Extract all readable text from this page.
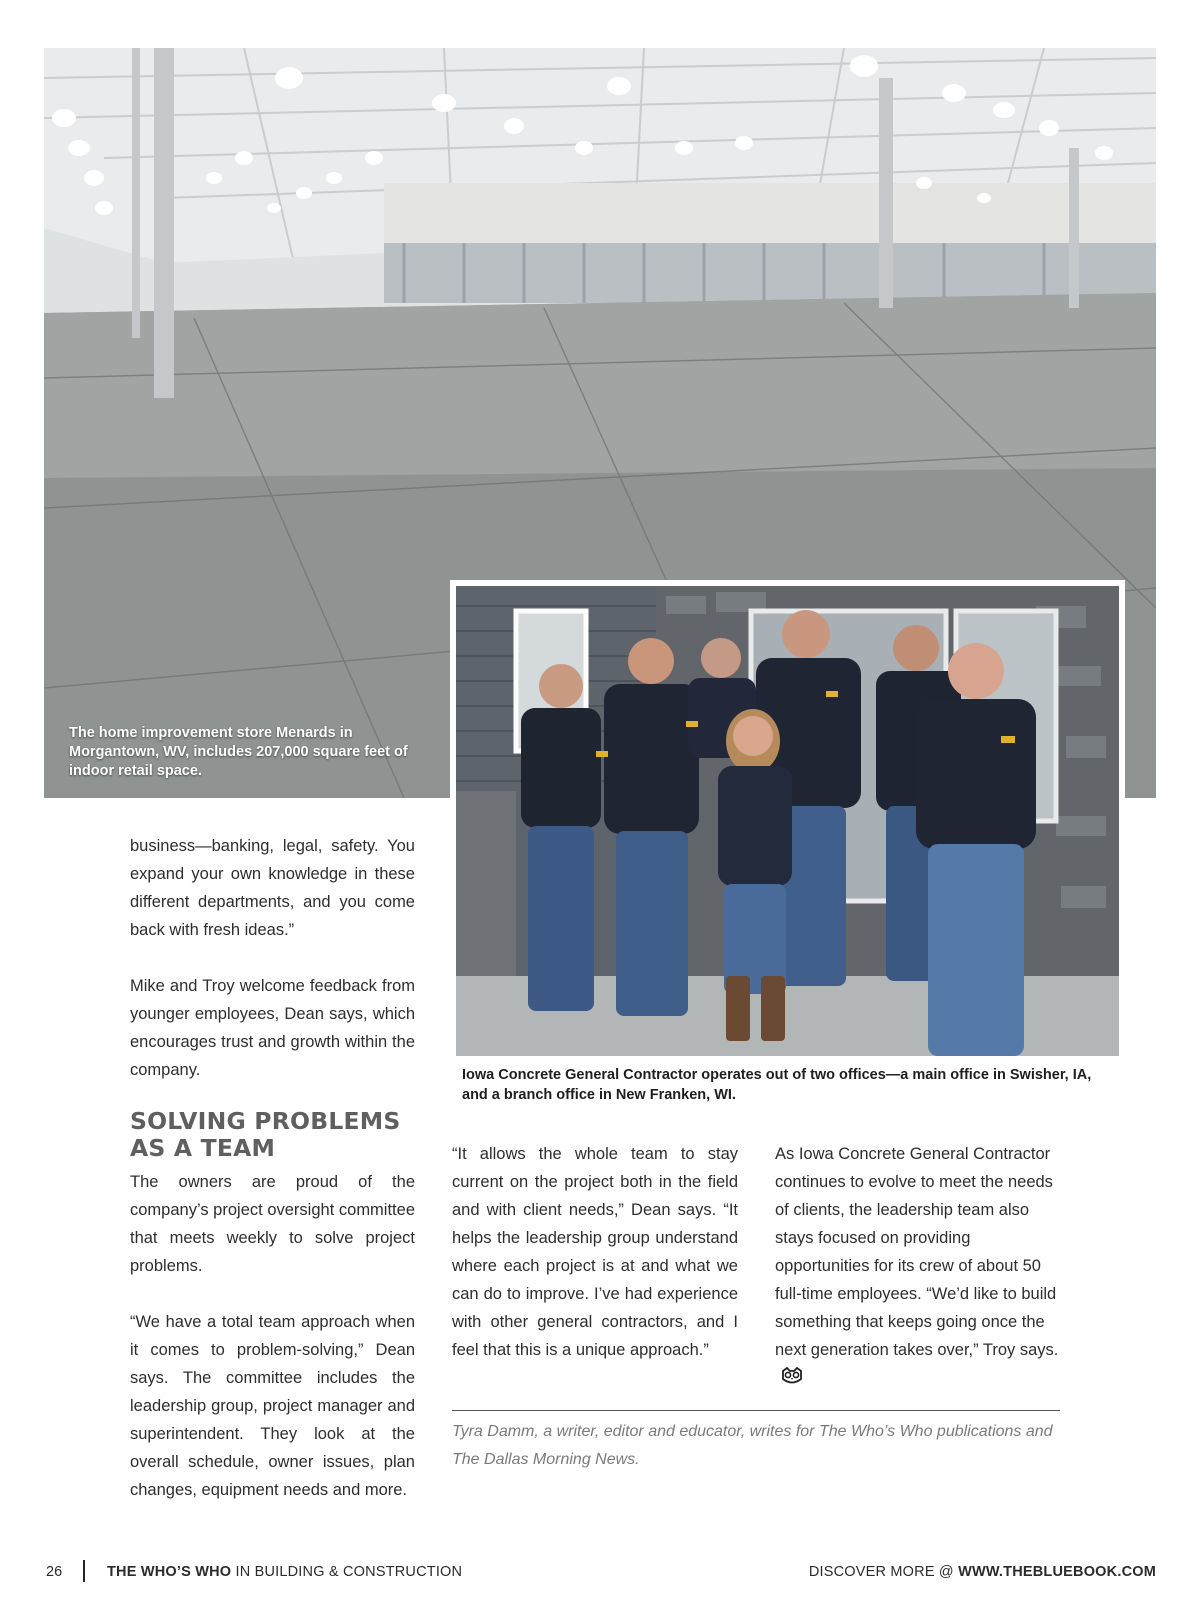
The home improvement store Menards in Morgantown, WV, includes 207,000 square feet of indoor retail space.
Iowa Concrete General Contractor operates out of two offices—a main office in Swisher, IA, and a branch office in New Franken, WI.

business—banking, legal, safety. You expand your own knowledge in these different departments, and you come back with fresh ideas.”

Mike and Troy welcome feedback from younger employees, Dean says, which encourages trust and growth within the company.

SOLVING PROBLEMS AS A TEAM

The owners are proud of the company’s project oversight committee that meets weekly to solve project problems.

“We have a total team approach when it comes to problem-solving,” Dean says. The committee includes the leadership group, project manager and superintendent. They look at the overall schedule, owner issues, plan changes, equipment needs and more.

“It allows the whole team to stay current on the project both in the field and with client needs,” Dean says. “It helps the leadership group understand where each project is at and what we can do to improve. I’ve had experience with other general contractors, and I feel that this is a unique approach.”

As Iowa Concrete General Contractor continues to evolve to meet the needs of clients, the leadership team also stays focused on providing opportunities for its crew of about 50 full-time employees. “We’d like to build something that keeps going once the next generation takes over,” Troy says.

Tyra Damm, a writer, editor and educator, writes for The Who’s Who publications and The Dallas Morning News.
26	THE WHO’S WHO IN BUILDING & CONSTRUCTION	DISCOVER MORE @ WWW.THEBLUEBOOK.COM
